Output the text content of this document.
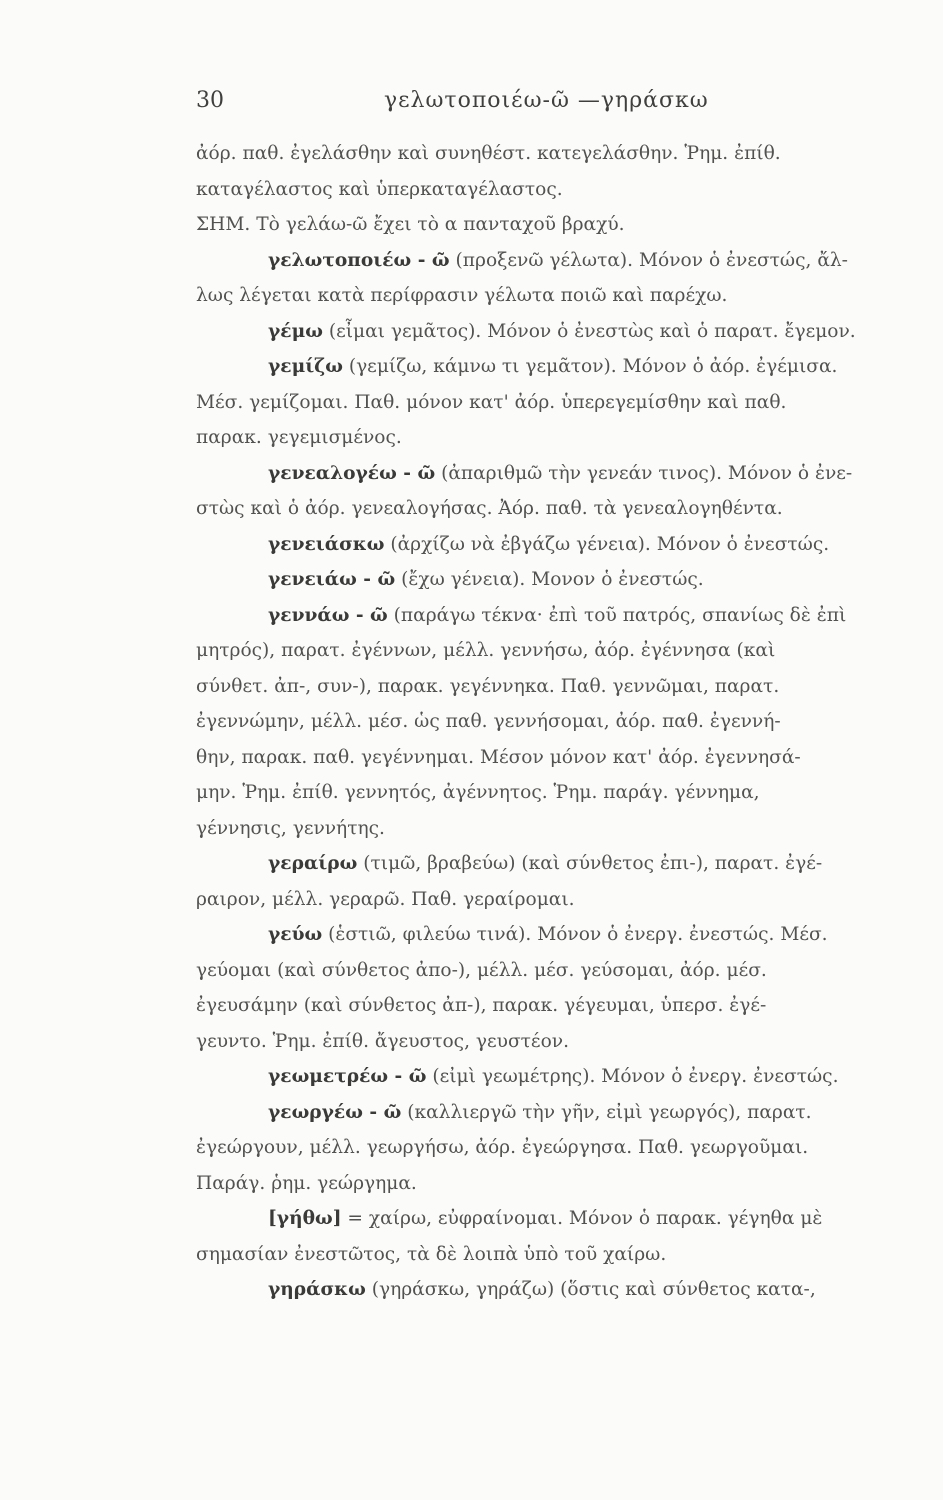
30	γελωτοποιέω-ῶ —γηράσκω
ἀόρ. παθ. ἐγελάσθην καὶ συνηθέστ. κατεγελάσθην. Ῥημ. ἐπίθ.
καταγέλαστος καὶ ὑπερκαταγέλαστος.
ΣΗΜ. Τὸ γελάω-ῶ ἔχει τὸ α πανταχοῦ βραχύ.
γελωτοποιέω - ῶ (προξενῶ γέλωτα). Μόνον ὁ ἐνεστώς, ἄλ-
λως λέγεται κατὰ περίφρασιν γέλωτα ποιῶ καὶ παρέχω.
γέμω (εἶμαι γεμᾶτος). Μόνον ὁ ἐνεστὼς καὶ ὁ παρατ. ἔγεμον.
γεμίζω (γεμίζω, κάμνω τι γεμᾶτον). Μόνον ὁ ἀόρ. ἐγέμισα.
Μέσ. γεμίζομαι. Παθ. μόνον κατ' ἀόρ. ὑπερεγεμίσθην καὶ παθ.
παρακ. γεγεμισμένος.
γενεαλογέω - ῶ (ἀπαριθμῶ τὴν γενεάν τινος). Μόνον ὁ ἐνε-
στὼς καὶ ὁ ἀόρ. γενεαλογήσας. Ἀόρ. παθ. τὰ γενεαλογηθέντα.
γενειάσκω (ἀρχίζω νὰ ἐβγάζω γένεια). Μόνον ὁ ἐνεστώς.
γενειάω - ῶ (ἔχω γένεια). Μονον ὁ ἐνεστώς.
γεννάω - ῶ (παράγω τέκνα· ἐπὶ τοῦ πατρός, σπανίως δὲ ἐπὶ
μητρός), παρατ. ἐγέννων, μέλλ. γεννήσω, ἀόρ. ἐγέννησα (καὶ
σύνθετ. ἀπ-, συν-), παρακ. γεγέννηκα. Παθ. γεννῶμαι, παρατ.
ἐγεννώμην, μέλλ. μέσ. ὡς παθ. γεννήσομαι, ἀόρ. παθ. ἐγεννή-
θην, παρακ. παθ. γεγέννημαι. Μέσον μόνον κατ' ἀόρ. ἐγεννησά-
μην. Ῥημ. ἐπίθ. γεννητός, ἀγέννητος. Ῥημ. παράγ. γέννημα,
γέννησις, γεννήτης.
γεραίρω (τιμῶ, βραβεύω) (καὶ σύνθετος ἐπι-), παρατ. ἐγέ-
ραιρον, μέλλ. γεραρῶ. Παθ. γεραίρομαι.
γεύω (ἑστιῶ, φιλεύω τινά). Μόνον ὁ ἐνεργ. ἐνεστώς. Μέσ.
γεύομαι (καὶ σύνθετος ἀπο-), μέλλ. μέσ. γεύσομαι, ἀόρ. μέσ.
ἐγευσάμην (καὶ σύνθετος ἀπ-), παρακ. γέγευμαι, ὑπερσ. ἐγέ-
γευντο. Ῥημ. ἐπίθ. ἄγευστος, γευστέον.
γεωμετρέω - ῶ (εἰμὶ γεωμέτρης). Μόνον ὁ ἐνεργ. ἐνεστώς.
γεωργέω - ῶ (καλλιεργῶ τὴν γῆν, εἰμὶ γεωργός), παρατ.
ἐγεώργουν, μέλλ. γεωργήσω, ἀόρ. ἐγεώργησα. Παθ. γεωργοῦμαι.
Παράγ. ῥημ. γεώργημα.
[γήθω] = χαίρω, εὐφραίνομαι. Μόνον ὁ παρακ. γέγηθα μὲ
σημασίαν ἐνεστῶτος, τὰ δὲ λοιπὰ ὑπὸ τοῦ χαίρω.
γηράσκω (γηράσκω, γηράζω) (ὅστις καὶ σύνθετος κατα-,
